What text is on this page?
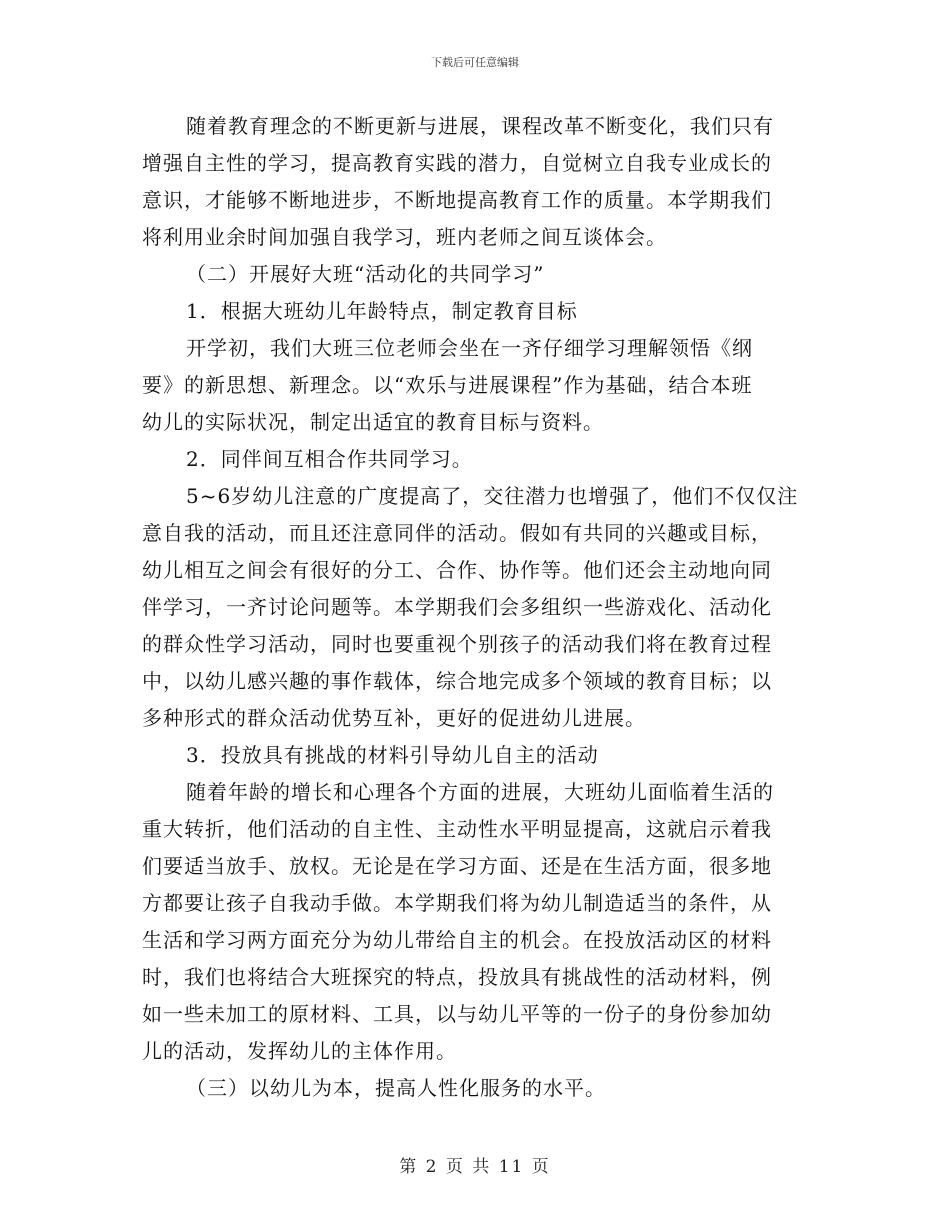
下载后可任意编辑
随着教育理念的不断更新与进展，课程改革不断变化，我们只有
增强自主性的学习，提高教育实践的潜力，自觉树立自我专业成长的
意识，才能够不断地进步，不断地提高教育工作的质量。本学期我们
将利用业余时间加强自我学习，班内老师之间互谈体会。
（二）开展好大班“活动化的共同学习”
1．根据大班幼儿年龄特点，制定教育目标
开学初，我们大班三位老师会坐在一齐仔细学习理解领悟《纲
要》的新思想、新理念。以“欢乐与进展课程”作为基础，结合本班
幼儿的实际状况，制定出适宜的教育目标与资料。
2．同伴间互相合作共同学习。
5~6岁幼儿注意的广度提高了，交往潜力也增强了，他们不仅仅注
意自我的活动，而且还注意同伴的活动。假如有共同的兴趣或目标，
幼儿相互之间会有很好的分工、合作、协作等。他们还会主动地向同
伴学习，一齐讨论问题等。本学期我们会多组织一些游戏化、活动化
的群众性学习活动，同时也要重视个别孩子的活动我们将在教育过程
中，以幼儿感兴趣的事作载体，综合地完成多个领域的教育目标；以
多种形式的群众活动优势互补，更好的促进幼儿进展。
3．投放具有挑战的材料引导幼儿自主的活动
随着年龄的增长和心理各个方面的进展，大班幼儿面临着生活的
重大转折，他们活动的自主性、主动性水平明显提高，这就启示着我
们要适当放手、放权。无论是在学习方面、还是在生活方面，很多地
方都要让孩子自我动手做。本学期我们将为幼儿制造适当的条件，从
生活和学习两方面充分为幼儿带给自主的机会。在投放活动区的材料
时，我们也将结合大班探究的特点，投放具有挑战性的活动材料，例
如一些未加工的原材料、工具，以与幼儿平等的一份子的身份参加幼
儿的活动，发挥幼儿的主体作用。
（三）以幼儿为本，提高人性化服务的水平。
第 2 页 共 11 页
